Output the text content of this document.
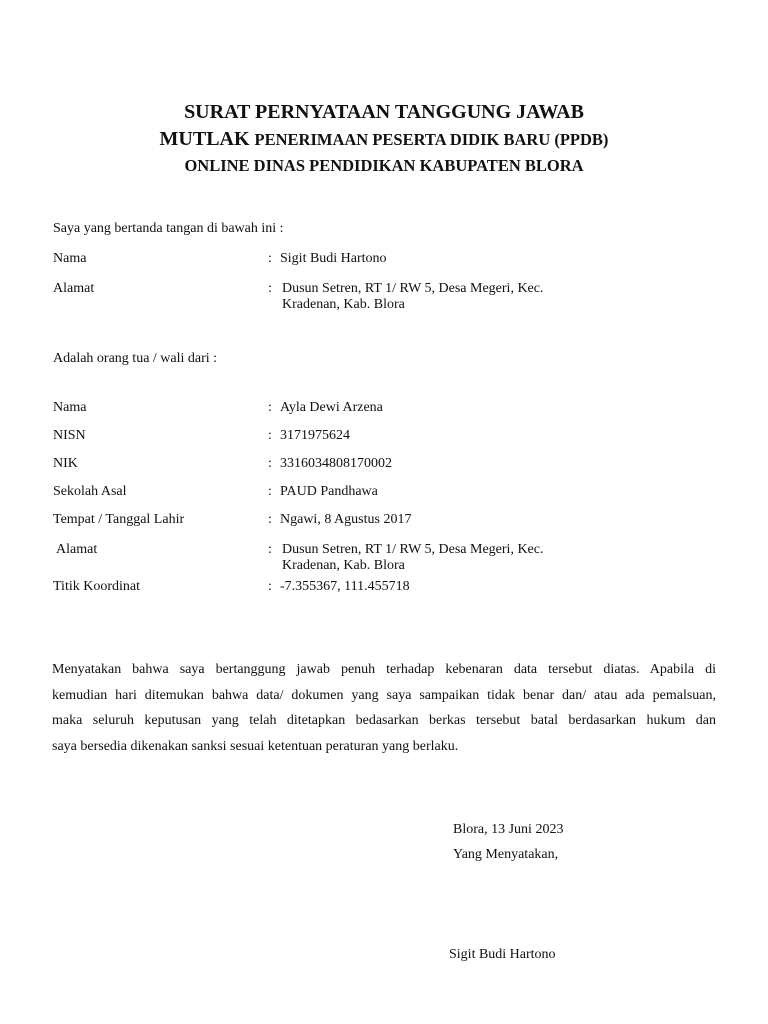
SURAT PERNYATAAN TANGGUNG JAWAB
MUTLAK PENERIMAAN PESERTA DIDIK BARU (PPDB)
ONLINE DINAS PENDIDIKAN KABUPATEN BLORA
Saya yang bertanda tangan di bawah ini :
Nama	: Sigit Budi Hartono
Alamat	: Dusun Setren, RT 1/ RW 5, Desa Megeri, Kec.
Kradenan, Kab. Blora
Adalah orang tua / wali dari :
Nama	: Ayla Dewi Arzena
NISN	: 3171975624
NIK	: 3316034808170002
Sekolah Asal	: PAUD Pandhawa
Tempat / Tanggal Lahir	: Ngawi, 8 Agustus 2017
Alamat	: Dusun Setren, RT 1/ RW 5, Desa Megeri, Kec.
Kradenan, Kab. Blora
Titik Koordinat	: -7.355367, 111.455718
Menyatakan bahwa saya bertanggung jawab penuh terhadap kebenaran data tersebut diatas. Apabila di
kemudian hari ditemukan bahwa data/ dokumen yang saya sampaikan tidak benar dan/ atau ada pemalsuan,
maka seluruh keputusan yang telah ditetapkan bedasarkan berkas tersebut batal berdasarkan hukum dan
saya bersedia dikenakan sanksi sesuai ketentuan peraturan yang berlaku.
Blora, 13 Juni 2023
Yang Menyatakan,
Sigit Budi Hartono
